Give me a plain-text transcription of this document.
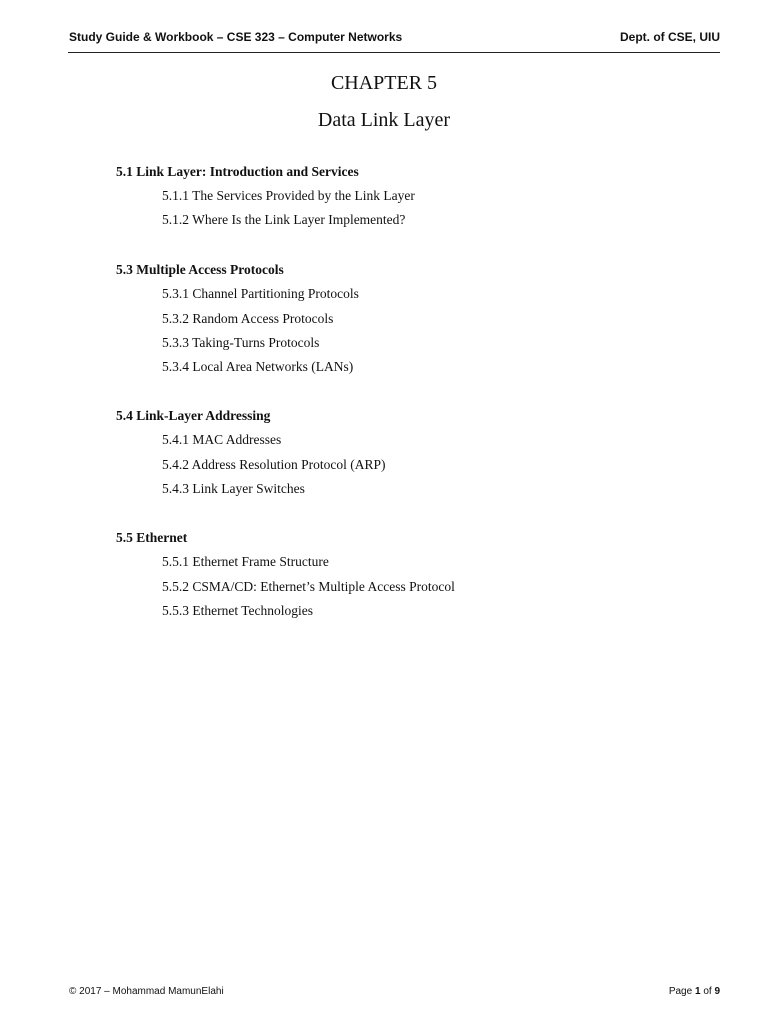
Study Guide & Workbook – CSE 323 – Computer Networks	Dept. of CSE, UIU
CHAPTER 5
Data Link Layer
5.1 Link Layer: Introduction and Services
5.1.1 The Services Provided by the Link Layer
5.1.2 Where Is the Link Layer Implemented?
5.3 Multiple Access Protocols
5.3.1 Channel Partitioning Protocols
5.3.2 Random Access Protocols
5.3.3 Taking-Turns Protocols
5.3.4 Local Area Networks (LANs)
5.4 Link-Layer Addressing
5.4.1 MAC Addresses
5.4.2 Address Resolution Protocol (ARP)
5.4.3 Link Layer Switches
5.5 Ethernet
5.5.1 Ethernet Frame Structure
5.5.2 CSMA/CD: Ethernet’s Multiple Access Protocol
5.5.3 Ethernet Technologies
© 2017 – Mohammad MamunElahi	Page 1 of 9
